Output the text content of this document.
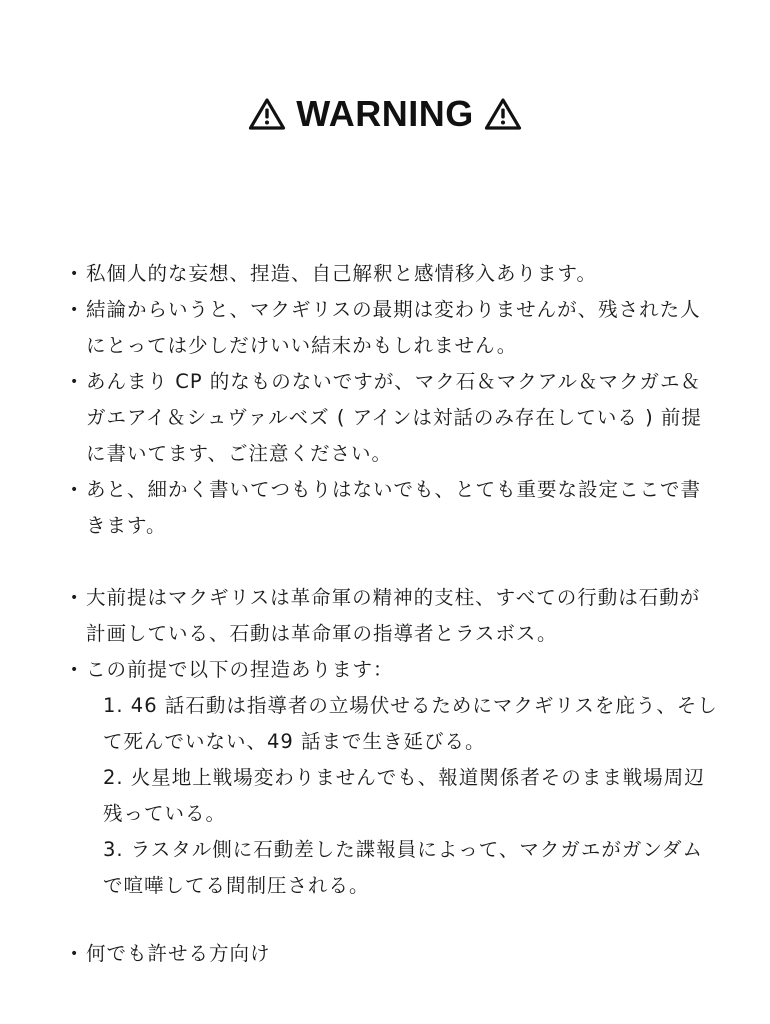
WARNING
• 私個人的な妄想、捏造、自己解釈と感情移入あります。
• 結論からいうと、マクギリスの最期は変わりませんが、残された人
にとっては少しだけいい結末かもしれません。
• あんまり CP 的なものないですが、マク石＆マクアル＆マクガエ＆
ガエアイ＆シュヴァルベズ ( アインは対話のみ存在している ) 前提
に書いてます、ご注意ください。
• あと、細かく書いてつもりはないでも、とても重要な設定ここで書
きます。
• 大前提はマクギリスは革命軍の精神的支柱、すべての行動は石動が
計画している、石動は革命軍の指導者とラスボス。
• この前提で以下の捏造あります：
1. 46 話石動は指導者の立場伏せるためにマクギリスを庇う、そし
て死んでいない、49 話まで生き延びる。
2. 火星地上戦場変わりませんでも、報道関係者そのまま戦場周辺
残っている。
3. ラスタル側に石動差した諜報員によって、マクガエがガンダム
で喧嘩してる間制圧される。
• 何でも許せる方向け
